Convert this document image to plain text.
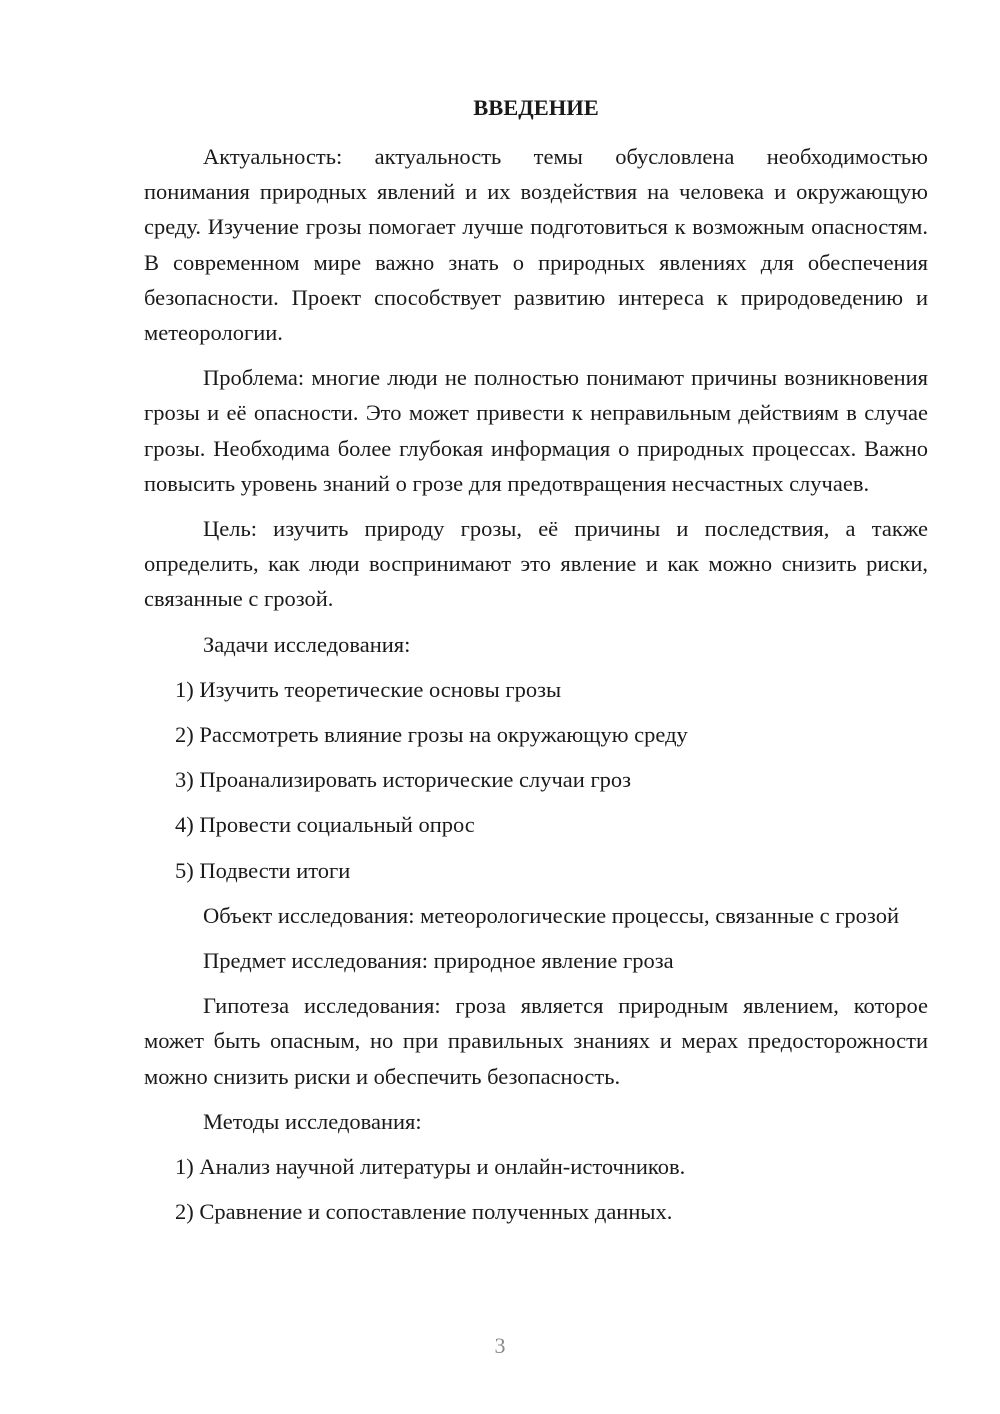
ВВЕДЕНИЕ

Актуальность: актуальность темы обусловлена необходимостью понимания природных явлений и их воздействия на человека и окружающую среду. Изучение грозы помогает лучше подготовиться к возможным опасностям. В современном мире важно знать о природных явлениях для обеспечения безопасности. Проект способствует развитию интереса к природоведению и метеорологии.

Проблема: многие люди не полностью понимают причины возникновения грозы и её опасности. Это может привести к неправильным действиям в случае грозы. Необходима более глубокая информация о природных процессах. Важно повысить уровень знаний о грозе для предотвращения несчастных случаев.

Цель: изучить природу грозы, её причины и последствия, а также определить, как люди воспринимают это явление и как можно снизить риски, связанные с грозой.

Задачи исследования:

1) Изучить теоретические основы грозы
2) Рассмотреть влияние грозы на окружающую среду
3) Проанализировать исторические случаи гроз
4) Провести социальный опрос
5) Подвести итоги

Объект исследования: метеорологические процессы, связанные с грозой

Предмет исследования: природное явление гроза

Гипотеза исследования: гроза является природным явлением, которое может быть опасным, но при правильных знаниях и мерах предосторожности можно снизить риски и обеспечить безопасность.

Методы исследования:

1) Анализ научной литературы и онлайн-источников.
2) Сравнение и сопоставление полученных данных.
3
